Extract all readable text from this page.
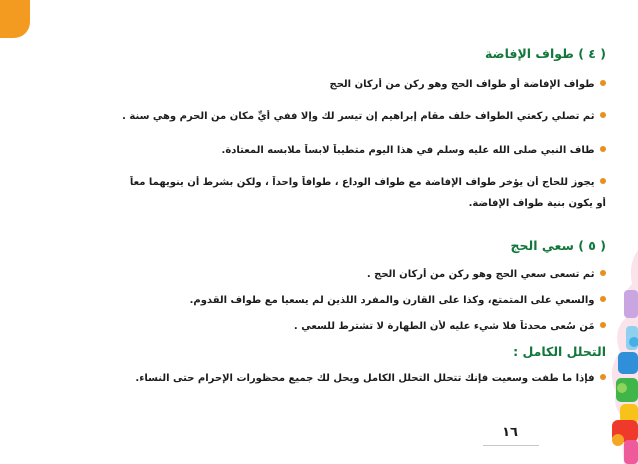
( ٤ ) طواف الإفاضة
طواف الإفاضة أو طواف الحج وهو ركن من أركان الحج
ثم تصلي ركعتي الطواف خلف مقام إبراهيم إن تيسر لك وإلا ففي أيِّ مكان من الحرم وهي سنة .
طاف النبي صلى الله عليه وسلم في هذا اليوم متطيباً لابساً ملابسه المعتادة.
يجوز للحاج أن يؤخر طواف الإفاضة مع طواف الوداع ، طوافاً واحداً ، ولكن بشرط أن ينويهما معاً
أو يكون بنية طواف الإفاضة.
( ٥ ) سعي الحج
ثم تسعى سعي الحج وهو ركن من أركان الحج .
والسعي على المتمتع، وكذا على القارن والمفرد اللذين لم يسعيا مع طواف القدوم.
مَن سُعى محدثاً فلا شيء عليه لأن الطهارة لا تشترط للسعي .
التحلل الكامل :
فإذا ما طفت وسعيت فإنك تتحلل التحلل الكامل ويحل لك جميع محظورات الإحرام حتى النساء.
١٦
